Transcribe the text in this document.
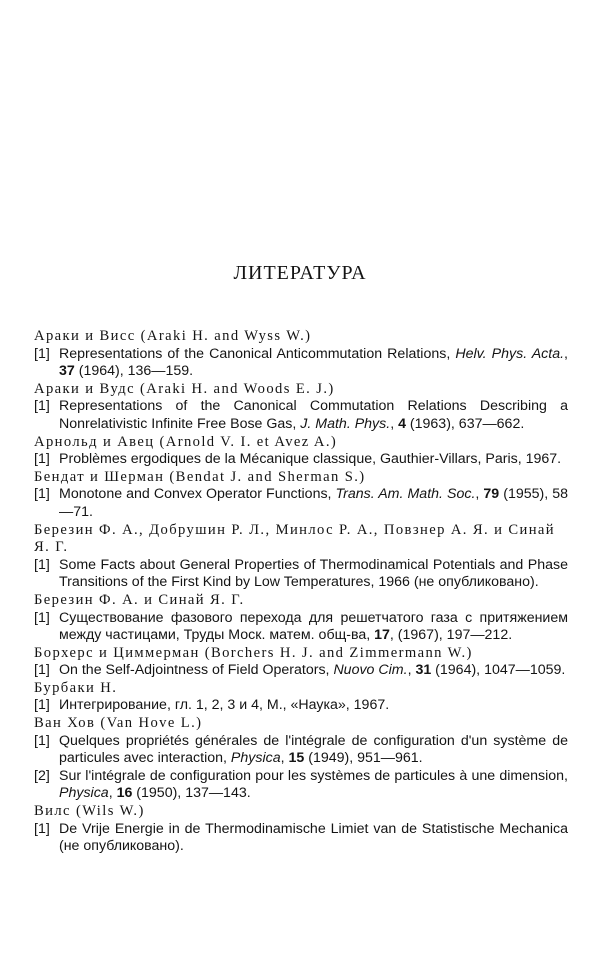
ЛИТЕРАТУРА
Араки и Висс (Araki H. and Wyss W.)
[1] Representations of the Canonical Anticommutation Relations, Helv. Phys. Acta., 37 (1964), 136—159.
Араки и Вудс (Araki H. and Woods E. J.)
[1] Representations of the Canonical Commutation Relations Describing a Nonrelativistic Infinite Free Bose Gas, J. Math. Phys., 4 (1963), 637—662.
Арнольд и Авец (Arnold V. I. et Avez A.)
[1] Problèmes ergodiques de la Mécanique classique, Gauthier-Villars, Paris, 1967.
Бендат и Шерман (Bendat J. and Sherman S.)
[1] Monotone and Convex Operator Functions, Trans. Am. Math. Soc., 79 (1955), 58—71.
Березин Ф. А., Добрушин Р. Л., Минлос Р. А., Повзнер А. Я. и Синай Я. Г.
[1] Some Facts about General Properties of Thermodinamical Potentials and Phase Transitions of the First Kind by Low Temperatures, 1966 (не опубликовано).
Березин Ф. А. и Синай Я. Г.
[1] Существование фазового перехода для решетчатого газа с притяжением между частицами, Труды Моск. матем. общ-ва, 17, (1967), 197—212.
Борхерс и Циммерман (Borchers H. J. and Zimmermann W.)
[1] On the Self-Adjointness of Field Operators, Nuovo Cim., 31 (1964), 1047—1059.
Бурбаки Н.
[1] Интегрирование, гл. 1, 2, 3 и 4, М., «Наука», 1967.
Ван Хов (Van Hove L.)
[1] Quelques propriétés générales de l'intégrale de configuration d'un système de particules avec interaction, Physica, 15 (1949), 951—961.
[2] Sur l'intégrale de configuration pour les systèmes de particules à une dimension, Physica, 16 (1950), 137—143.
Вилс (Wils W.)
[1] De Vrije Energie in de Thermodinamische Limiet van de Statistische Mechanica (не опубликовано).
